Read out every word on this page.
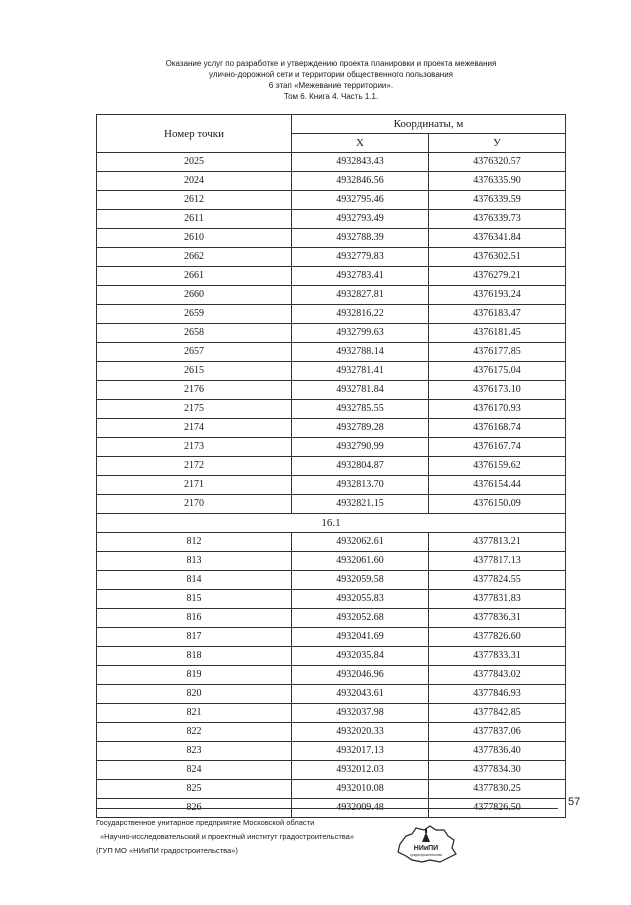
Оказание услуг по разработке и утверждению проекта планировки и проекта межевания
улично-дорожной сети и территории общественного пользования
6 этап «Межевание территории».
Том 6. Книга 4. Часть 1.1.
Номер точки	Координаты, м	
	X	У
2025	4932843.43	4376320.57
2024	4932846.56	4376335.90
2612	4932795.46	4376339.59
2611	4932793.49	4376339.73
2610	4932788.39	4376341.84
2662	4932779.83	4376302.51
2661	4932783.41	4376279.21
2660	4932827.81	4376193.24
2659	4932816.22	4376183.47
2658	4932799.63	4376181.45
2657	4932788.14	4376177.85
2615	4932781.41	4376175.04
2176	4932781.84	4376173.10
2175	4932785.55	4376170.93
2174	4932789.28	4376168.74
2173	4932790.99	4376167.74
2172	4932804.87	4376159.62
2171	4932813.70	4376154.44
2170	4932821.15	4376150.09
16.1		
812	4932062.61	4377813.21
813	4932061.60	4377817.13
814	4932059.58	4377824.55
815	4932055.83	4377831.83
816	4932052.68	4377836.31
817	4932041.69	4377826.60
818	4932035.84	4377833.31
819	4932046.96	4377843.02
820	4932043.61	4377846.93
821	4932037.98	4377842.85
822	4932020.33	4377837.06
823	4932017.13	4377836.40
824	4932012.03	4377834.30
825	4932010.08	4377830.25
826	4932009.48	4377826.50	57
Государственное унитарное предприятие Московской области
«Научно-исследовательский и проектный институт градостроительства»
(ГУП МО «НИиПИ градостроительства»)	НИиПИ
градостроительства
